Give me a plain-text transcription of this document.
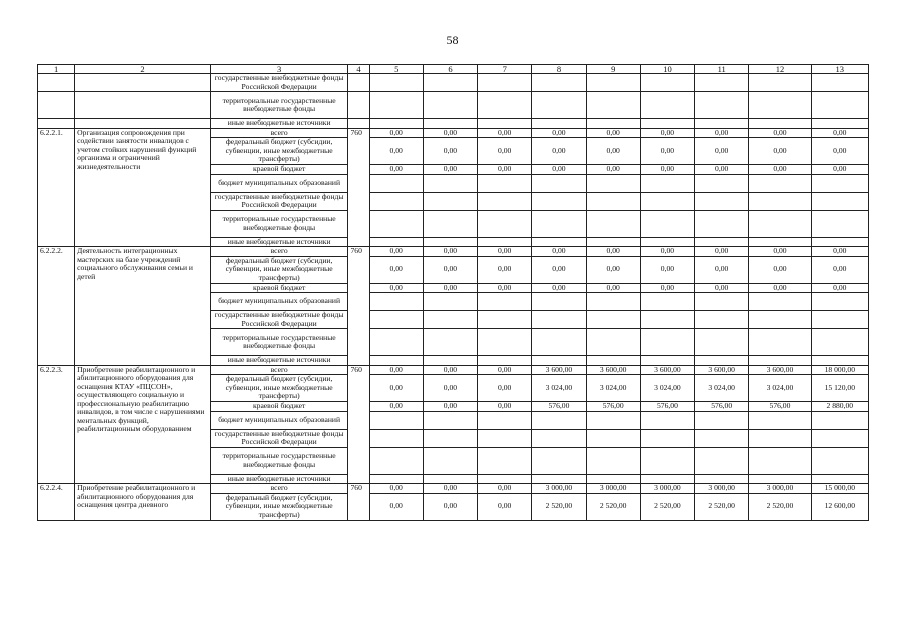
58
1	2	3	4	5	6	7	8	9	10	11	12	13
		государственные внебюджетные фонды Российской Федерации										
		территориальные государственные внебюджетные фонды										
		иные внебюджетные источники										
6.2.2.1.	Организация сопровождения при содействии занятости инвалидов с учетом стойких нарушений функций организма и ограничений жизнедеятельности	всего	760	0,00	0,00	0,00	0,00	0,00	0,00	0,00	0,00	0,00
		федеральный бюджет (субсидии, субвенции, иные межбюджетные трансферты)		0,00	0,00	0,00	0,00	0,00	0,00	0,00	0,00	0,00
		краевой бюджет		0,00	0,00	0,00	0,00	0,00	0,00	0,00	0,00	0,00
		бюджет муниципальных образований										
		государственные внебюджетные фонды Российской Федерации										
		территориальные государственные внебюджетные фонды										
		иные внебюджетные источники										
6.2.2.2.	Деятельность интеграционных мастерских на базе учреждений социального обслуживания семьи и детей	всего	760	0,00	0,00	0,00	0,00	0,00	0,00	0,00	0,00	0,00
		федеральный бюджет (субсидии, субвенции, иные межбюджетные трансферты)		0,00	0,00	0,00	0,00	0,00	0,00	0,00	0,00	0,00
		краевой бюджет		0,00	0,00	0,00	0,00	0,00	0,00	0,00	0,00	0,00
		бюджет муниципальных образований										
		государственные внебюджетные фонды Российской Федерации										
		территориальные государственные внебюджетные фонды										
		иные внебюджетные источники										
6.2.2.3.	Приобретение реабилитационного и абилитационного оборудования для оснащения КТАУ «ПЦСОН», осуществляющего социальную и профессиональную реабилитацию инвалидов, в том числе с нарушениями ментальных функций, реабилитационным оборудованием	всего	760	0,00	0,00	0,00	3 600,00	3 600,00	3 600,00	3 600,00	3 600,00	18 000,00
		федеральный бюджет (субсидии, субвенции, иные межбюджетные трансферты)		0,00	0,00	0,00	3 024,00	3 024,00	3 024,00	3 024,00	3 024,00	15 120,00
		краевой бюджет		0,00	0,00	0,00	576,00	576,00	576,00	576,00	576,00	2 880,00
		бюджет муниципальных образований										
		государственные внебюджетные фонды Российской Федерации										
		территориальные государственные внебюджетные фонды										
		иные внебюджетные источники										
6.2.2.4.	Приобретение реабилитационного и абилитационного оборудования для оснащения центра дневного	всего	760	0,00	0,00	0,00	3 000,00	3 000,00	3 000,00	3 000,00	3 000,00	15 000,00
		федеральный бюджет (субсидии, субвенции, иные межбюджетные трансферты)		0,00	0,00	0,00	2 520,00	2 520,00	2 520,00	2 520,00	2 520,00	12 600,00
